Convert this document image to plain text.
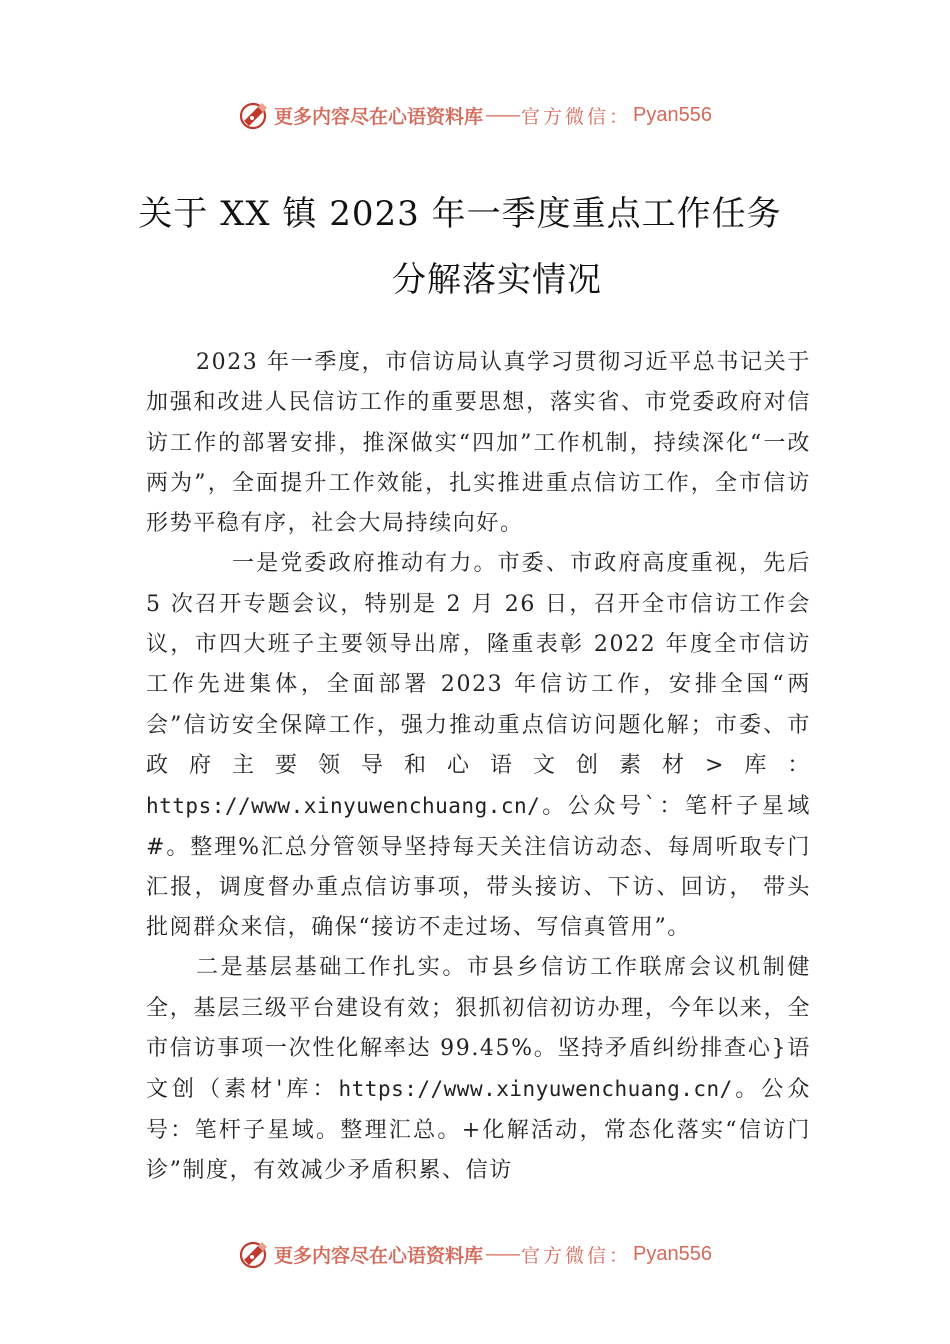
更多内容尽在心语资料库 —— 官方微信： Pyan556
关于 XX 镇 2023 年一季度重点工作任务
分解落实情况

2023 年一季度，市信访局认真学习贯彻习近平总书记关于加强和改进人民信访工作的重要思想，落实省、市党委政府对信访工作的部署安排，推深做实“四加”工作机制，持续深化“一改两为”，全面提升工作效能，扎实推进重点信访工作，全市信访形势平稳有序，社会大局持续向好。

一是党委政府推动有力。市委、市政府高度重视，先后 5 次召开专题会议，特别是 2 月 26 日，召开全市信访工作会议，市四大班子主要领导出席，隆重表彰 2022 年度全市信访工作先进集体，全面部署 2023 年信访工作，安排全国“两会”信访安全保障工作，强力推动重点信访问题化解；市委、市政府主要领导和心语文创素材>库：https://www.xinyuwenchuang.cn/。公众号`：笔杆子星域#。整理%汇总分管领导坚持每天关注信访动态、每周听取专门汇报，调度督办重点信访事项，带头接访、下访、回访， 带头批阅群众来信，确保“接访不走过场、写信真管用”。

二是基层基础工作扎实。市县乡信访工作联席会议机制健全，基层三级平台建设有效；狠抓初信初访办理，今年以来，全市信访事项一次性化解率达 99.45%。坚持矛盾纠纷排查心}语文创（素材'库：https://www.xinyuwenchuang.cn/。公众号：笔杆子星域。整理汇总。+化解活动，常态化落实“信访门诊”制度，有效减少矛盾积累、信访

更多内容尽在心语资料库 —— 官方微信： Pyan556
